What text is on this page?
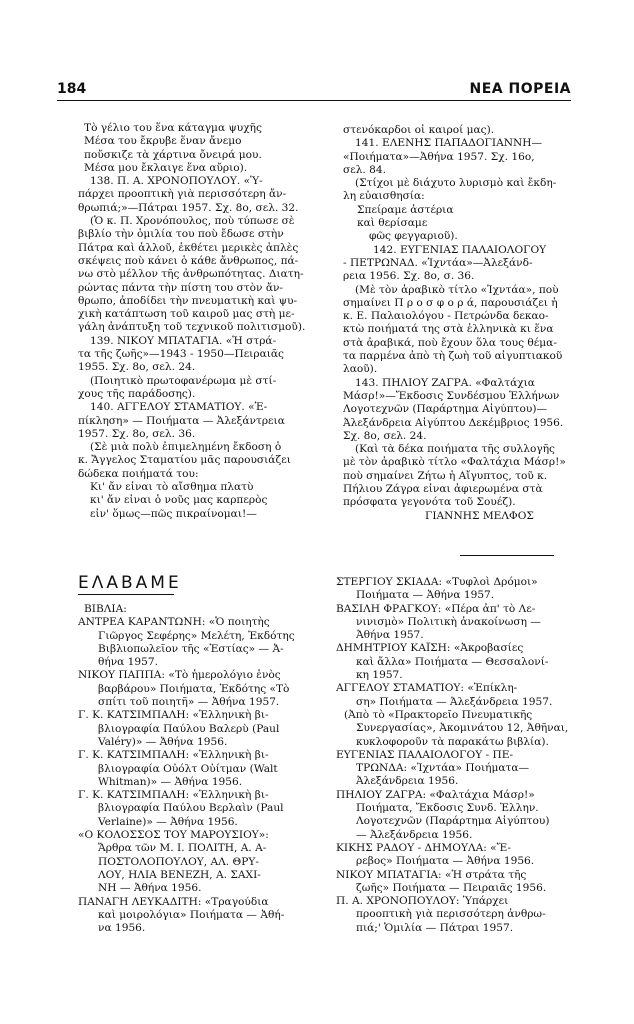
184	ΝΕΑ ΠΟΡΕΙΑ
Τὸ γέλιο του ἕνα κάταγμα ψυχῆς
Μέσα του ἔκρυβε ἕναν ἄνεμο
ποὔσκιζε τὰ χάρτινα ὄνειρά μου.
Μέσα μου ἔκλαιγε ἕνα αὔριο).
138. Π. Α. ΧΡΟΝΟΠΟΥΛΟΥ. «Ὑ-
πάρχει προοπτικὴ γιὰ περισσότερη ἄν-
θρωπιά;»—Πάτραι 1957. Σχ. 8ο, σελ. 32.
(Ὁ κ. Π. Χρονόπουλος, ποὺ τύπωσε σὲ
βιβλίο τὴν ὁμιλία του ποὺ ἔδωσε στὴν
Πάτρα καὶ ἀλλοῦ, ἐκθέτει μερικὲς ἁπλὲς
σκέψεις ποὺ κάνει ὁ κάθε ἄνθρωπος, πά-
νω στὸ μέλλον τῆς ἀνθρωπότητας. Διατη-
ρώντας πάντα τὴν πίστη του στὸν ἄν-
θρωπο, ἀποδίδει τὴν πνευματικὴ καὶ ψυ-
χικὴ κατάπτωση τοῦ καιροῦ μας στὴ με-
γάλη ἀνάπτυξη τοῦ τεχνικοῦ πολιτισμοῦ).
139. ΝΙΚΟΥ ΜΠΑΤΑΓΙΑ. «Ἡ στρά-
τα τῆς ζωῆς»—1943 - 1950—Πειραιᾶς
1955. Σχ. 8ο, σελ. 24.
(Ποιητικὸ πρωτοφανέρωμα μὲ στί-
χους τῆς παράδοσης).
140. ΑΓΓΕΛΟΥ ΣΤΑΜΑΤΙΟΥ. «Ἐ-
πίκληση» — Ποιήματα — Ἀλεξάντρεια
1957. Σχ. 8ο, σελ. 36.
(Σὲ μιὰ πολὺ ἐπιμελημένη ἔκδοση ὁ
κ. Ἄγγελος Σταματίου μᾶς παρουσιάζει
δώδεκα ποιήματά του:
Κι' ἄν εἶναι τὸ αἴσθημα πλατὺ
κι' ἄν εἶναι ὁ νοῦς μας καρπερὸς
εἶν' ὅμως—πῶς πικραίνομαι!—
στενόκαρδοι οἱ καιροί μας).
141. ΕΛΕΝΗΣ ΠΑΠΑΔΟΓΙΑΝΝΗ—
«Ποιήματα»—Ἀθήνα 1957. Σχ. 16ο,
σελ. 84.
(Στίχοι μὲ διάχυτο λυρισμὸ καὶ ἔκδη-
λη εὐαισθησία:
Σπείραμε ἀστέρια
καὶ θερίσαμε
φῶς φεγγαριοῦ).
142. ΕΥΓΕΝΙΑΣ ΠΑΛΑΙΟΛΟΓΟΥ
- ΠΕΤΡΩΝΑΔ. «Ἰχντάα»—Ἀλεξάνδ-
ρεια 1956. Σχ. 8ο, σ. 36.
(Μὲ τὸν ἀραβικὸ τίτλο «Ἰχντάα», ποὺ
σημαίνει Π ρ ο σ φ ο ρ ά, παρουσιάζει ἡ
κ. Ε. Παλαιολόγου - Πετρώνδα δεκαο-
κτὼ ποιήματά της στὰ ἑλληνικὰ κι ἕνα
στὰ ἀραβικά, ποὺ ἔχουν ὅλα τους θέμα-
τα παρμένα ἀπὸ τὴ ζωὴ τοῦ αἰγυπτιακοῦ
λαοῦ).
143. ΠΗΛΙΟΥ ΖΑΓΡΑ. «Φαλτάχια
Μάσρ!»—Ἔκδοσις Συνδέσμου Ἑλλήνων
Λογοτεχνῶν (Παράρτημα Αἰγύπτου)—
Ἀλεξάνδρεια Αἰγύπτου Δεκέμβριος 1956.
Σχ. 8ο, σελ. 24.
(Καὶ τὰ δέκα ποιήματα τῆς συλλογῆς
μὲ τὸν ἀραβικὸ τίτλο «Φαλτάχια Μάσρ!»
ποὺ σημαίνει Ζήτω ἡ Αἴγυπτος, τοῦ κ.
Πήλιου Ζάγρα εἶναι ἀφιερωμένα στὰ
πρόσφατα γεγονότα τοῦ Σουέζ).
ΓΙΑΝΝΗΣ ΜΕΛΦΟΣ
ΕΛΑΒΑΜΕ
ΒΙΒΛΙΑ:
ΑΝΤΡΕΑ ΚΑΡΑΝΤΩΝΗ: «Ὁ ποιητὴς
Γιῶργος Σεφέρης» Μελέτη, Ἐκδότης
Βιβλιοπωλεῖον τῆς «Ἑστίας» — Ἀ-
θήνα 1957.
ΝΙΚΟΥ ΠΑΠΠΑ: «Τὸ ἡμερολόγιο ἑνὸς
βαρβάρου» Ποιήματα, Ἐκδότης «Τὸ
σπίτι τοῦ ποιητῆ» — Ἀθήνα 1957.
Γ. Κ. ΚΑΤΣΙΜΠΑΛΗ: «Ἑλληνικὴ βι-
βλιογραφία Παύλου Βαλερὺ (Paul
Valéry)» — Ἀθήνα 1956.
Γ. Κ. ΚΑΤΣΙΜΠΑΛΗ: «Ἑλληνικὴ βι-
βλιογραφία Οὐόλτ Οὐίτμαν (Walt
Whitman)» — Ἀθήνα 1956.
Γ. Κ. ΚΑΤΣΙΜΠΑΛΗ: «Ἑλληνικὴ βι-
βλιογραφία Παύλου Βερλαὶν (Paul
Verlaine)» — Ἀθήνα 1956.
«Ο ΚΟΛΟΣΣΟΣ ΤΟΥ ΜΑΡΟΥΣΙΟΥ»:
Ἄρθρα τῶν Μ. Ι. ΠΟΛΙΤΗ, Α. Α-
ΠΟΣΤΟΛΟΠΟΥΛΟΥ, ΑΛ. ΘΡΥ-
ΛΟΥ, ΗΛΙΑ ΒΕΝΕΖΗ, Α. ΣΑΧΙ-
ΝΗ — Ἀθήνα 1956.
ΠΑΝΑΓΗ ΛΕΥΚΑΔΙΤΗ: «Τραγούδια
καὶ μοιρολόγια» Ποιήματα — Ἀθή-
να 1956.
ΣΤΕΡΓΙΟΥ ΣΚΙΑΔΑ: «Τυφλοὶ Δρόμοι»
Ποιήματα — Ἀθήνα 1957.
ΒΑΣΙΛΗ ΦΡΑΓΚΟΥ: «Πέρα ἀπ' τὸ Λε-
νινισμὸ» Πολιτικὴ ἀνακοίνωση —
Ἀθήνα 1957.
ΔΗΜΗΤΡΙΟΥ ΚΑΪΣΗ: «Ἀκροβασίες
καὶ ἄλλα» Ποιήματα — Θεσσαλονί-
κη 1957.
ΑΓΓΕΛΟΥ ΣΤΑΜΑΤΙΟΥ: «Ἐπίκλη-
ση» Ποιήματα — Ἀλεξάνδρεια 1957.
(Ἀπὸ τὸ «Πρακτορεῖο Πνευματικῆς
Συνεργασίας», Ἀκομινάτου 12, Ἀθῆναι,
κυκλοφοροῦν τὰ παρακάτω βιβλία).
ΕΥΓΕΝΙΑΣ ΠΑΛΑΙΟΛΟΓΟΥ - ΠΕ-
ΤΡΩΝΔΑ: «Ἰχντάα» Ποιήματα—
Ἀλεξάνδρεια 1956.
ΠΗΛΙΟΥ ΖΑΓΡΑ: «Φαλτάχια Μάσρ!»
Ποιήματα, Ἔκδοσις Συνδ. Ἑλλην.
Λογοτεχνῶν (Παράρτημα Αἰγύπτου)
— Ἀλεξάνδρεια 1956.
ΚΙΚΗΣ ΡΑΔΟΥ - ΔΗΜΟΥΛΑ: «Ἔ-
ρεβος» Ποιήματα — Ἀθήνα 1956.
ΝΙΚΟΥ ΜΠΑΤΑΓΙΑ: «Ἡ στράτα τῆς
ζωῆς» Ποιήματα — Πειραιᾶς 1956.
Π. Α. ΧΡΟΝΟΠΟΥΛΟΥ: Ὑπάρχει
προοπτικὴ γιὰ περισσότερη ἀνθρω-
πιά;' Ὁμιλία — Πάτραι 1957.
